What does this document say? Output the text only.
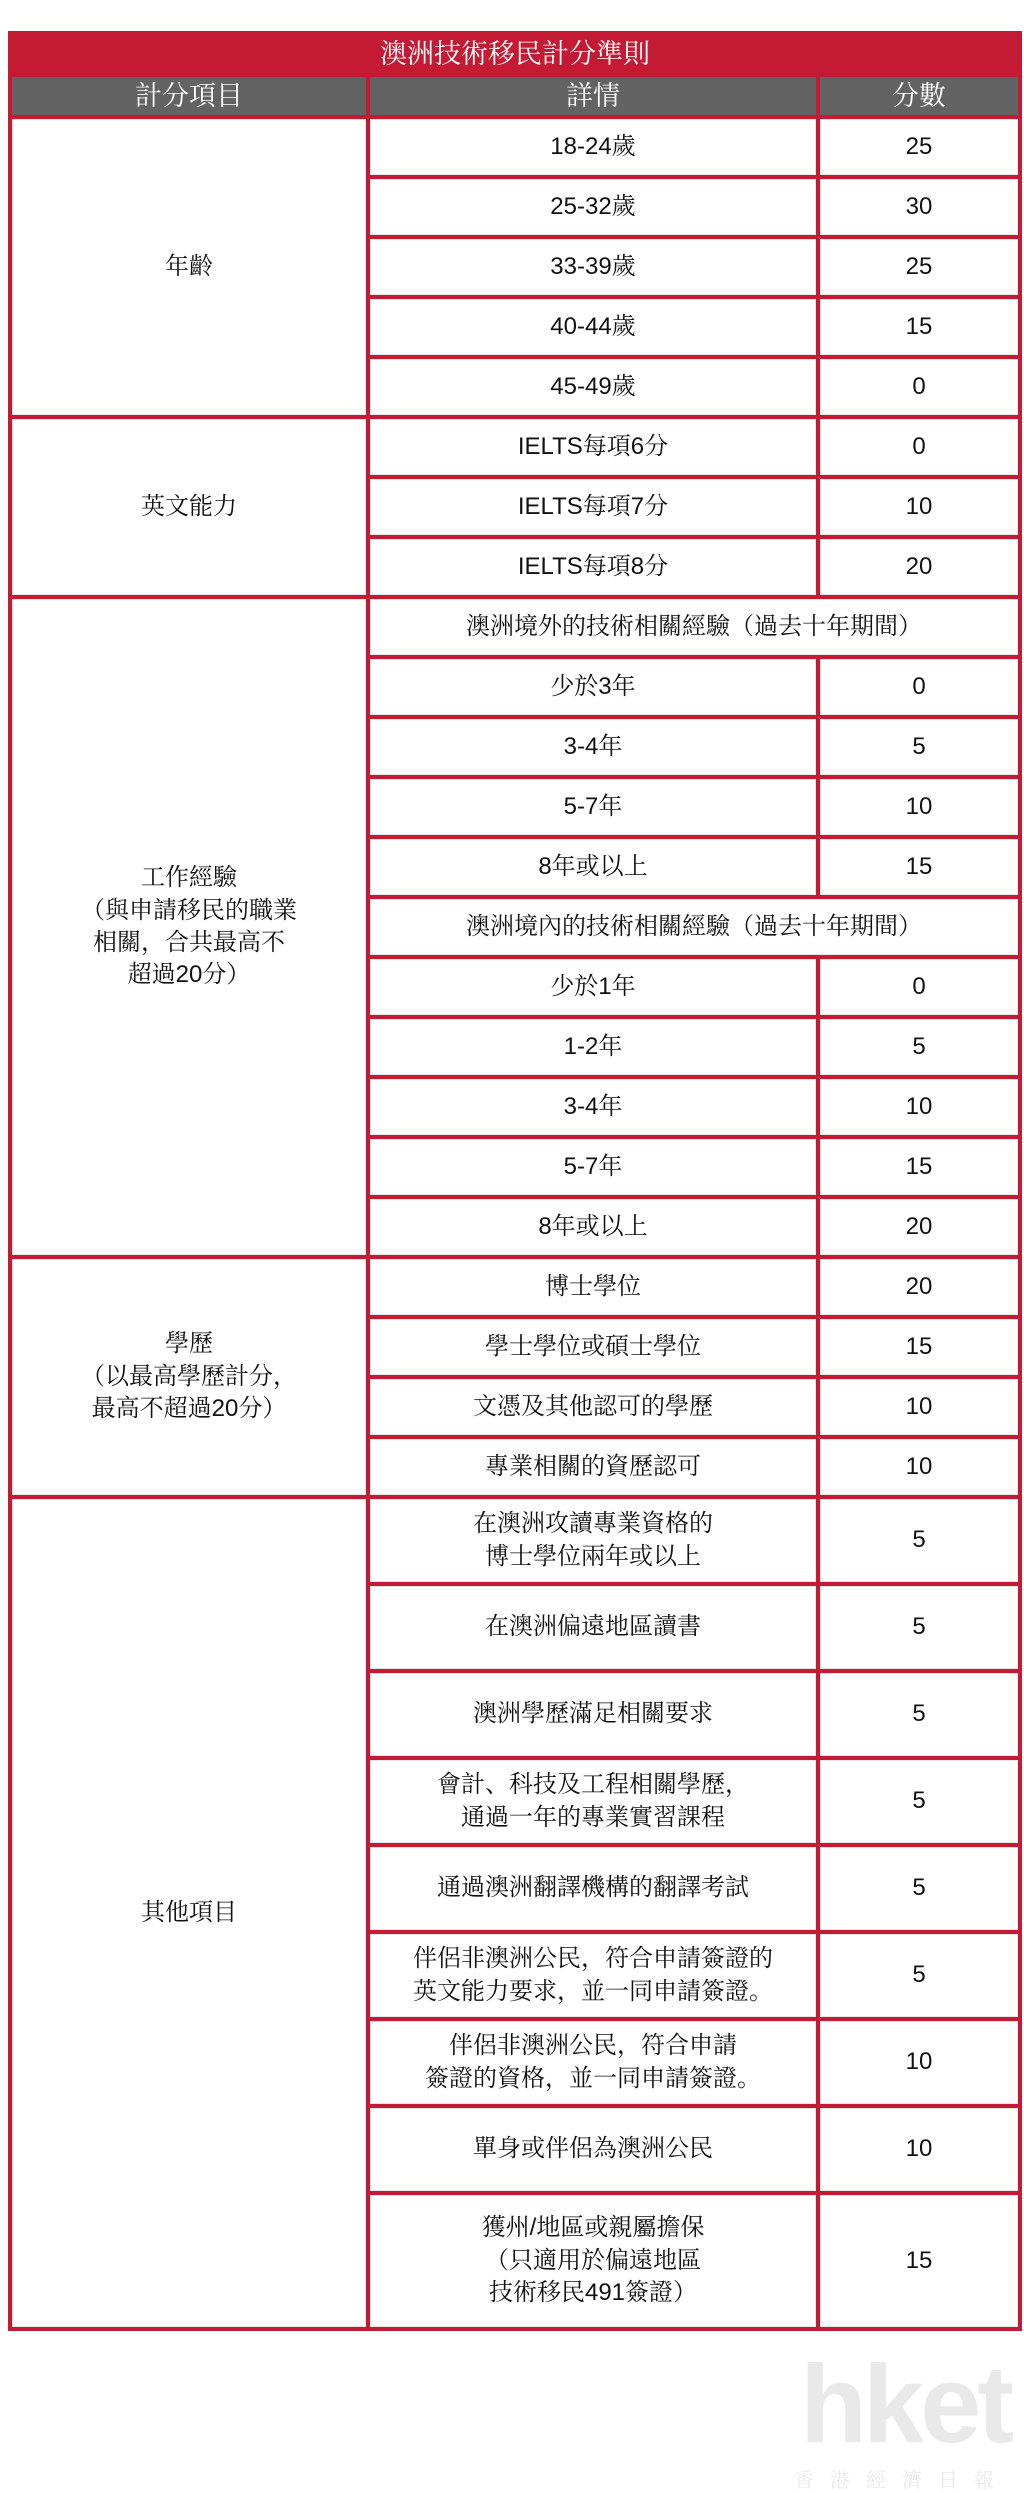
澳洲技術移民計分準則		
計分項目	詳情	分數
年齡	18-24歲	25
	25-32歲	30
	33-39歲	25
	40-44歲	15
	45-49歲	0
英文能力	IELTS每項6分	0
	IELTS每項7分	10
	IELTS每項8分	20
工作經驗
（與申請移民的職業
相關，合共最高不
超過20分）	澳洲境外的技術相關經驗（過去十年期間）	
	少於3年	0
	3-4年	5
	5-7年	10
	8年或以上	15
	澳洲境內的技術相關經驗（過去十年期間）	
	少於1年	0
	1-2年	5
	3-4年	10
	5-7年	15
	8年或以上	20
學歷
（以最高學歷計分，
最高不超過20分）	博士學位	20
	學士學位或碩士學位	15
	文憑及其他認可的學歷	10
	專業相關的資歷認可	10
其他項目	在澳洲攻讀專業資格的
博士學位兩年或以上	5
	在澳洲偏遠地區讀書	5
	澳洲學歷滿足相關要求	5
	會計、科技及工程相關學歷，
通過一年的專業實習課程	5
	通過澳洲翻譯機構的翻譯考試	5
	伴侶非澳洲公民，符合申請簽證的
英文能力要求，並一同申請簽證。	5
	伴侶非澳洲公民，符合申請
簽證的資格，並一同申請簽證。	10
	單身或伴侶為澳洲公民	10
	獲州/地區或親屬擔保
（只適用於偏遠地區
技術移民491簽證）	15
hket
香港經濟日報
